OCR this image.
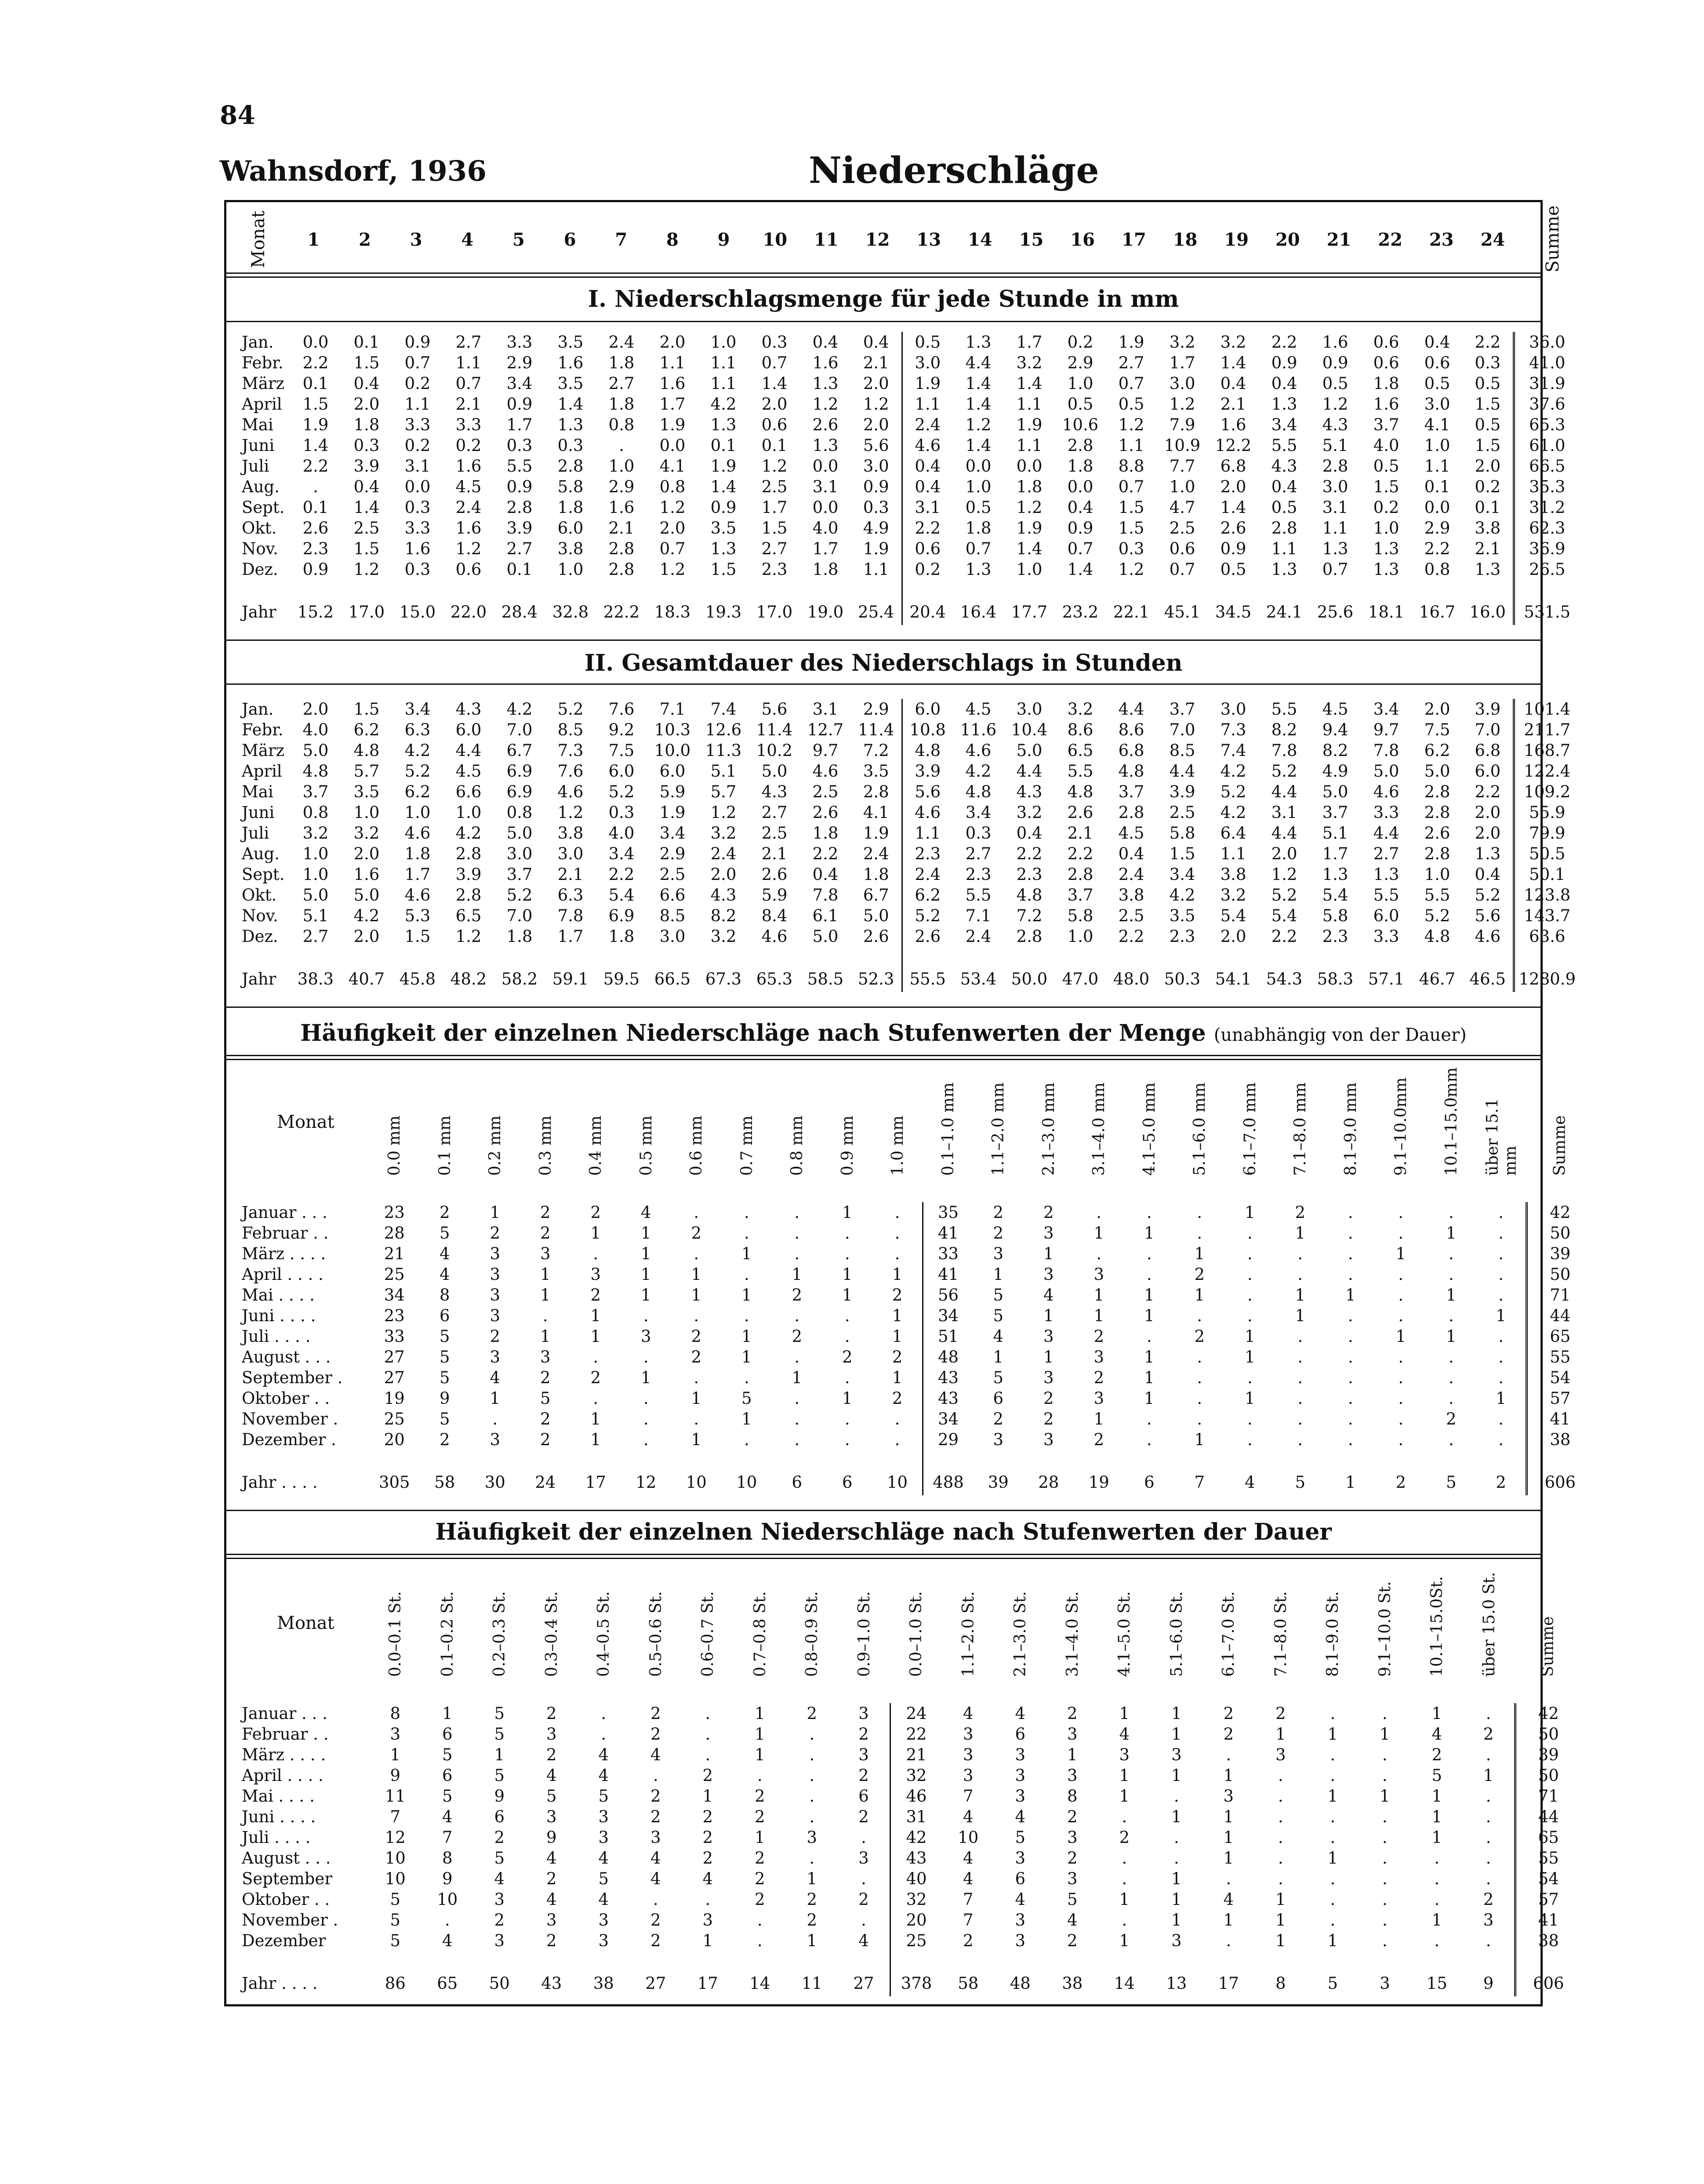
84
Wahnsdorf, 1936	Niederschläge
Monat	1	2	3	4	5	6	7	8	9	10	11	12	13	14	15	16	17	18	19	20	21	22	23	24	Summe
I. Niederschlagsmenge für jede Stunde in mm
Jan.	0.0	0.1	0.9	2.7	3.3	3.5	2.4	2.0	1.0	0.3	0.4	0.4	0.5	1.3	1.7	0.2	1.9	3.2	3.2	2.2	1.6	0.6	0.4	2.2	36.0
Febr.	2.2	1.5	0.7	1.1	2.9	1.6	1.8	1.1	1.1	0.7	1.6	2.1	3.0	4.4	3.2	2.9	2.7	1.7	1.4	0.9	0.9	0.6	0.6	0.3	41.0
März	0.1	0.4	0.2	0.7	3.4	3.5	2.7	1.6	1.1	1.4	1.3	2.0	1.9	1.4	1.4	1.0	0.7	3.0	0.4	0.4	0.5	1.8	0.5	0.5	31.9
April	1.5	2.0	1.1	2.1	0.9	1.4	1.8	1.7	4.2	2.0	1.2	1.2	1.1	1.4	1.1	0.5	0.5	1.2	2.1	1.3	1.2	1.6	3.0	1.5	37.6
Mai	1.9	1.8	3.3	3.3	1.7	1.3	0.8	1.9	1.3	0.6	2.6	2.0	2.4	1.2	1.9	10.6	1.2	7.9	1.6	3.4	4.3	3.7	4.1	0.5	65.3
Juni	1.4	0.3	0.2	0.2	0.3	0.3	.	0.0	0.1	0.1	1.3	5.6	4.6	1.4	1.1	2.8	1.1	10.9	12.2	5.5	5.1	4.0	1.0	1.5	61.0
Juli	2.2	3.9	3.1	1.6	5.5	2.8	1.0	4.1	1.9	1.2	0.0	3.0	0.4	0.0	0.0	1.8	8.8	7.7	6.8	4.3	2.8	0.5	1.1	2.0	66.5
Aug.	.	0.4	0.0	4.5	0.9	5.8	2.9	0.8	1.4	2.5	3.1	0.9	0.4	1.0	1.8	0.0	0.7	1.0	2.0	0.4	3.0	1.5	0.1	0.2	35.3
Sept.	0.1	1.4	0.3	2.4	2.8	1.8	1.6	1.2	0.9	1.7	0.0	0.3	3.1	0.5	1.2	0.4	1.5	4.7	1.4	0.5	3.1	0.2	0.0	0.1	31.2
Okt.	2.6	2.5	3.3	1.6	3.9	6.0	2.1	2.0	3.5	1.5	4.0	4.9	2.2	1.8	1.9	0.9	1.5	2.5	2.6	2.8	1.1	1.0	2.9	3.8	62.3
Nov.	2.3	1.5	1.6	1.2	2.7	3.8	2.8	0.7	1.3	2.7	1.7	1.9	0.6	0.7	1.4	0.7	0.3	0.6	0.9	1.1	1.3	1.3	2.2	2.1	36.9
Dez.	0.9	1.2	0.3	0.6	0.1	1.0	2.8	1.2	1.5	2.3	1.8	1.1	0.2	1.3	1.0	1.4	1.2	0.7	0.5	1.3	0.7	1.3	0.8	1.3	26.5
Jahr	15.2	17.0	15.0	22.0	28.4	32.8	22.2	18.3	19.3	17.0	19.0	25.4	20.4	16.4	17.7	23.2	22.1	45.1	34.5	24.1	25.6	18.1	16.7	16.0	531.5
II. Gesamtdauer des Niederschlags in Stunden
Jan.	2.0	1.5	3.4	4.3	4.2	5.2	7.6	7.1	7.4	5.6	3.1	2.9	6.0	4.5	3.0	3.2	4.4	3.7	3.0	5.5	4.5	3.4	2.0	3.9	101.4
Febr.	4.0	6.2	6.3	6.0	7.0	8.5	9.2	10.3	12.6	11.4	12.7	11.4	10.8	11.6	10.4	8.6	8.6	7.0	7.3	8.2	9.4	9.7	7.5	7.0	211.7
März	5.0	4.8	4.2	4.4	6.7	7.3	7.5	10.0	11.3	10.2	9.7	7.2	4.8	4.6	5.0	6.5	6.8	8.5	7.4	7.8	8.2	7.8	6.2	6.8	168.7
April	4.8	5.7	5.2	4.5	6.9	7.6	6.0	6.0	5.1	5.0	4.6	3.5	3.9	4.2	4.4	5.5	4.8	4.4	4.2	5.2	4.9	5.0	5.0	6.0	122.4
Mai	3.7	3.5	6.2	6.6	6.9	4.6	5.2	5.9	5.7	4.3	2.5	2.8	5.6	4.8	4.3	4.8	3.7	3.9	5.2	4.4	5.0	4.6	2.8	2.2	109.2
Juni	0.8	1.0	1.0	1.0	0.8	1.2	0.3	1.9	1.2	2.7	2.6	4.1	4.6	3.4	3.2	2.6	2.8	2.5	4.2	3.1	3.7	3.3	2.8	2.0	55.9
Juli	3.2	3.2	4.6	4.2	5.0	3.8	4.0	3.4	3.2	2.5	1.8	1.9	1.1	0.3	0.4	2.1	4.5	5.8	6.4	4.4	5.1	4.4	2.6	2.0	79.9
Aug.	1.0	2.0	1.8	2.8	3.0	3.0	3.4	2.9	2.4	2.1	2.2	2.4	2.3	2.7	2.2	2.2	0.4	1.5	1.1	2.0	1.7	2.7	2.8	1.3	50.5
Sept.	1.0	1.6	1.7	3.9	3.7	2.1	2.2	2.5	2.0	2.6	0.4	1.8	2.4	2.3	2.3	2.8	2.4	3.4	3.8	1.2	1.3	1.3	1.0	0.4	50.1
Okt.	5.0	5.0	4.6	2.8	5.2	6.3	5.4	6.6	4.3	5.9	7.8	6.7	6.2	5.5	4.8	3.7	3.8	4.2	3.2	5.2	5.4	5.5	5.5	5.2	123.8
Nov.	5.1	4.2	5.3	6.5	7.0	7.8	6.9	8.5	8.2	8.4	6.1	5.0	5.2	7.1	7.2	5.8	2.5	3.5	5.4	5.4	5.8	6.0	5.2	5.6	143.7
Dez.	2.7	2.0	1.5	1.2	1.8	1.7	1.8	3.0	3.2	4.6	5.0	2.6	2.6	2.4	2.8	1.0	2.2	2.3	2.0	2.2	2.3	3.3	4.8	4.6	63.6
Jahr	38.3	40.7	45.8	48.2	58.2	59.1	59.5	66.5	67.3	65.3	58.5	52.3	55.5	53.4	50.0	47.0	48.0	50.3	54.1	54.3	58.3	57.1	46.7	46.5	1280.9
Häufigkeit der einzelnen Niederschläge nach Stufenwerten der Menge (unabhängig von der Dauer)
Monat	0.0 mm	0.1 mm	0.2 mm	0.3 mm	0.4 mm	0.5 mm	0.6 mm	0.7 mm	0.8 mm	0.9 mm	1.0 mm	0.1–1.0 mm	1.1–2.0 mm	2.1–3.0 mm	3.1–4.0 mm	4.1–5.0 mm	5.1–6.0 mm	6.1–7.0 mm	7.1–8.0 mm	8.1–9.0 mm	9.1–10.0mm	10.1–15.0mm	über 15.1 mm	Summe
Januar . . .	23	2	1	2	2	4	.	.	.	1	.	35	2	2	.	.	.	1	2	.	.	.	.	42
Februar . .	28	5	2	2	1	1	2	.	.	.	.	41	2	3	1	1	.	.	1	.	.	1	.	50
März . . . .	21	4	3	3	.	1	.	1	.	.	.	33	3	1	.	.	1	.	.	.	1	.	.	39
April . . . .	25	4	3	1	3	1	1	.	1	1	1	41	1	3	3	.	2	.	.	.	.	.	.	50
Mai . . . .	34	8	3	1	2	1	1	1	2	1	2	56	5	4	1	1	1	.	1	1	.	1	.	71
Juni . . . .	23	6	3	.	1	.	.	.	.	.	1	34	5	1	1	1	.	.	1	.	.	.	1	44
Juli . . . .	33	5	2	1	1	3	2	1	2	.	1	51	4	3	2	.	2	1	.	.	1	1	.	65
August . . .	27	5	3	3	.	.	2	1	.	2	2	48	1	1	3	1	.	1	.	.	.	.	.	55
September .	27	5	4	2	2	1	.	.	1	.	1	43	5	3	2	1	.	.	.	.	.	.	.	54
Oktober . .	19	9	1	5	.	.	1	5	.	1	2	43	6	2	3	1	.	1	.	.	.	.	1	57
November .	25	5	.	2	1	.	.	1	.	.	.	34	2	2	1	.	.	.	.	.	.	2	.	41
Dezember .	20	2	3	2	1	.	1	.	.	.	.	29	3	3	2	.	1	.	.	.	.	.	.	38
Jahr . . . .	305	58	30	24	17	12	10	10	6	6	10	488	39	28	19	6	7	4	5	1	2	5	2	606
Häufigkeit der einzelnen Niederschläge nach Stufenwerten der Dauer
Monat	0.0–0.1 St.	0.1–0.2 St.	0.2–0.3 St.	0.3–0.4 St.	0.4–0.5 St.	0.5–0.6 St.	0.6–0.7 St.	0.7–0.8 St.	0.8–0.9 St.	0.9–1.0 St.	0.0–1.0 St.	1.1–2.0 St.	2.1–3.0 St.	3.1–4.0 St.	4.1–5.0 St.	5.1–6.0 St.	6.1–7.0 St.	7.1–8.0 St.	8.1–9.0 St.	9.1–10.0 St.	10.1–15.0St.	über 15.0 St.	Summe
Januar . . .	8	1	5	2	.	2	.	1	2	3	24	4	4	2	1	1	2	2	.	.	1	.	42
Februar . .	3	6	5	3	.	2	.	1	.	2	22	3	6	3	4	1	2	1	1	1	4	2	50
März . . . .	1	5	1	2	4	4	.	1	.	3	21	3	3	1	3	3	.	3	.	.	2	.	39
April . . . .	9	6	5	4	4	.	2	.	.	2	32	3	3	3	1	1	1	.	.	.	5	1	50
Mai . . . .	11	5	9	5	5	2	1	2	.	6	46	7	3	8	1	.	3	.	1	1	1	.	71
Juni . . . .	7	4	6	3	3	2	2	2	.	2	31	4	4	2	.	1	1	.	.	.	1	.	44
Juli . . . .	12	7	2	9	3	3	2	1	3	.	42	10	5	3	2	.	1	.	.	.	1	.	65
August . . .	10	8	5	4	4	4	2	2	.	3	43	4	3	2	.	.	1	.	1	.	.	.	55
September	10	9	4	2	5	4	4	2	1	.	40	4	6	3	.	1	.	.	.	.	.	.	54
Oktober . .	5	10	3	4	4	.	.	2	2	2	32	7	4	5	1	1	4	1	.	.	.	2	57
November .	5	.	2	3	3	2	3	.	2	.	20	7	3	4	.	1	1	1	.	.	1	3	41
Dezember	5	4	3	2	3	2	1	.	1	4	25	2	3	2	1	3	.	1	1	.	.	.	38
Jahr . . . .	86	65	50	43	38	27	17	14	11	27	378	58	48	38	14	13	17	8	5	3	15	9	606
